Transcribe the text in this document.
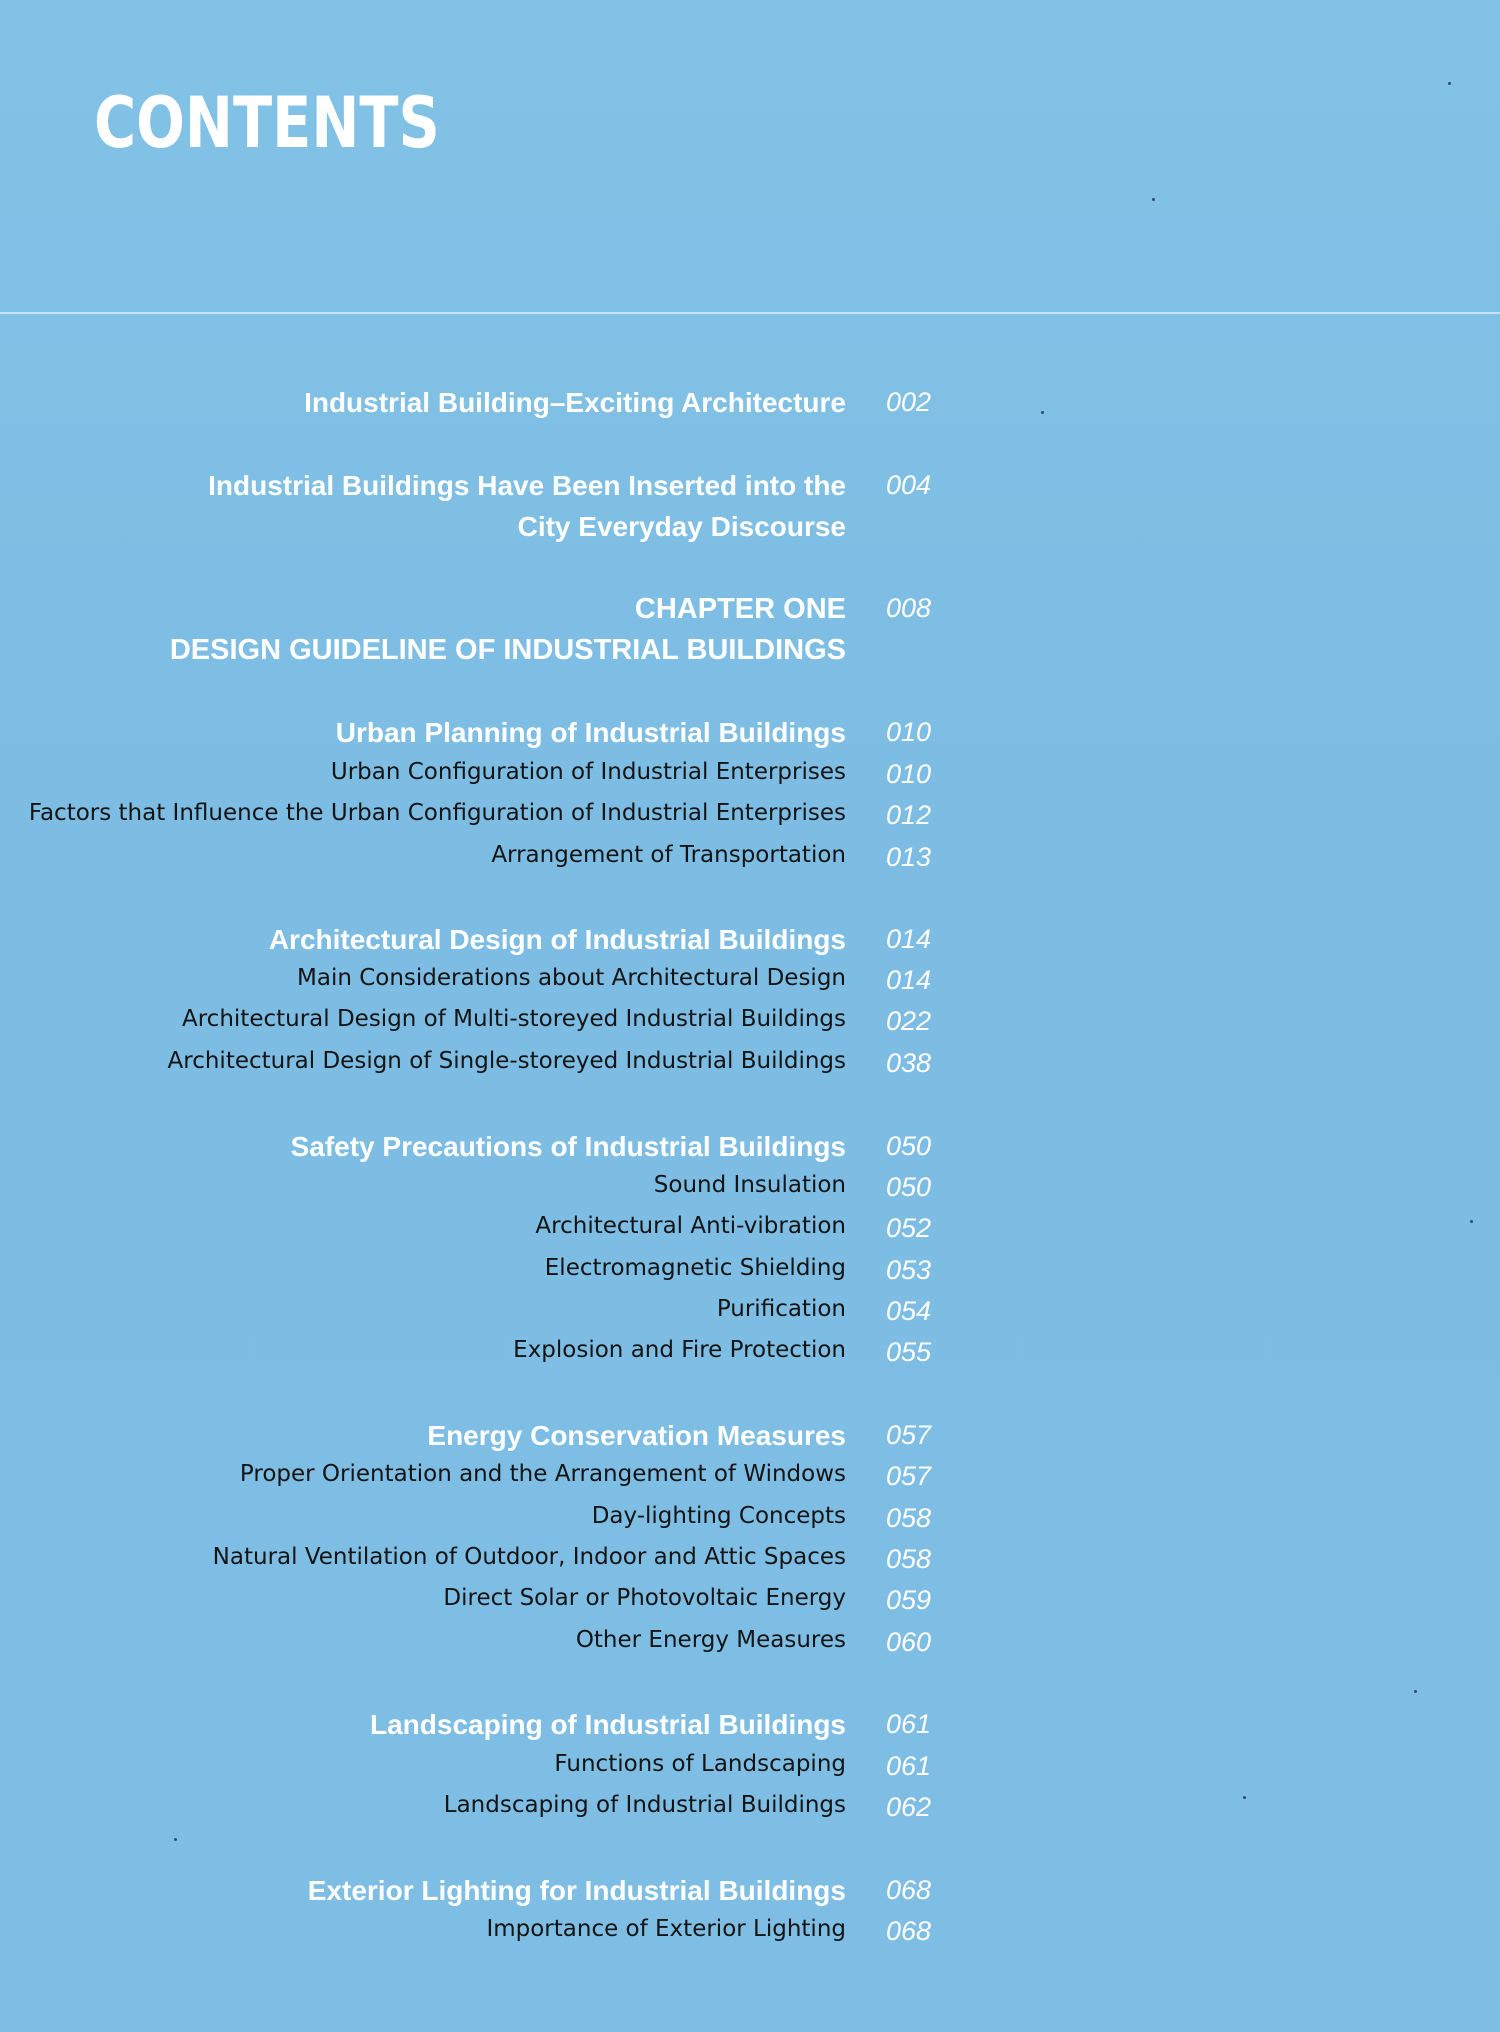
CONTENTS
Industrial Building–Exciting Architecture 002
Industrial Buildings Have Been Inserted into the 004
City Everyday Discourse
CHAPTER ONE 008
DESIGN GUIDELINE OF INDUSTRIAL BUILDINGS
Urban Planning of Industrial Buildings 010
Urban Configuration of Industrial Enterprises 010
Factors that Influence the Urban Configuration of Industrial Enterprises 012
Arrangement of Transportation 013
Architectural Design of Industrial Buildings 014
Main Considerations about Architectural Design 014
Architectural Design of Multi-storeyed Industrial Buildings 022
Architectural Design of Single-storeyed Industrial Buildings 038
Safety Precautions of Industrial Buildings 050
Sound Insulation 050
Architectural Anti-vibration 052
Electromagnetic Shielding 053
Purification 054
Explosion and Fire Protection 055
Energy Conservation Measures 057
Proper Orientation and the Arrangement of Windows 057
Day-lighting Concepts 058
Natural Ventilation of Outdoor, Indoor and Attic Spaces 058
Direct Solar or Photovoltaic Energy 059
Other Energy Measures 060
Landscaping of Industrial Buildings 061
Functions of Landscaping 061
Landscaping of Industrial Buildings 062
Exterior Lighting for Industrial Buildings 068
Importance of Exterior Lighting 068
